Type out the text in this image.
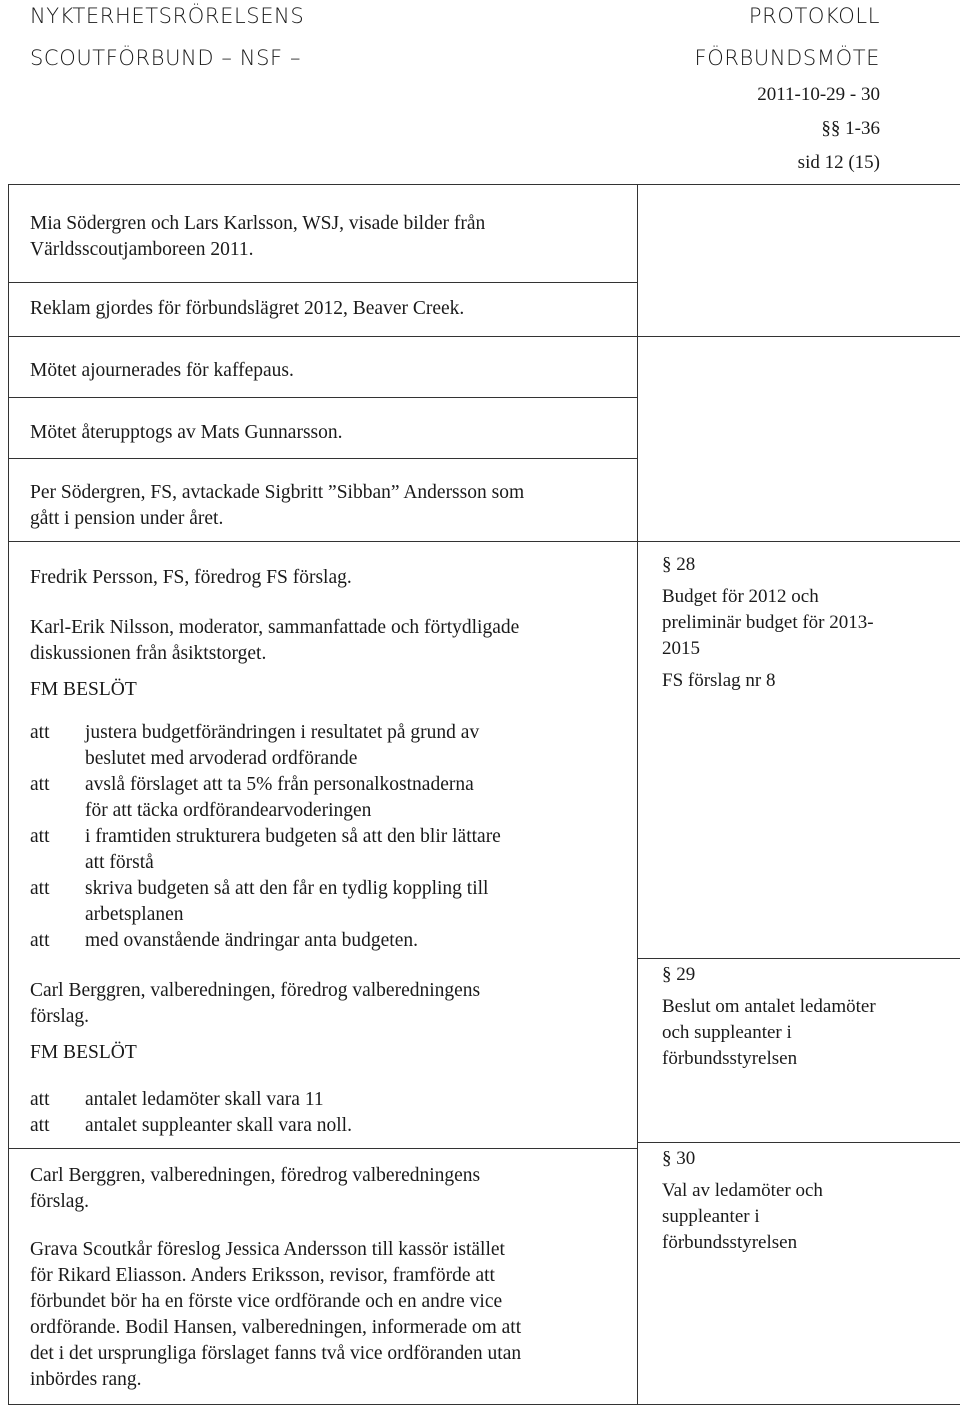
NYKTERHETSRÖRELSENS
SCOUTFÖRBUND – NSF –
PROTOKOLL
FÖRBUNDSMÖTE
2011-10-29 - 30
§§ 1-36
sid 12 (15)
Mia Södergren och Lars Karlsson, WSJ, visade bilder från
Världsscoutjamboreen 2011.
Reklam gjordes för förbundslägret 2012, Beaver Creek.
Mötet ajournerades för kaffepaus.
Mötet återupptogs av Mats Gunnarsson.
Per Södergren, FS, avtackade Sigbritt ”Sibban” Andersson som
gått i pension under året.
Fredrik Persson, FS, föredrog FS förslag.
Karl-Erik Nilsson, moderator, sammanfattade och förtydligade
diskussionen från åsiktstorget.
FM BESLÖT
att justera budgetförändringen i resultatet på grund av
beslutet med arvoderad ordförande
att avslå förslaget att ta 5% från personalkostnaderna
för att täcka ordförandearvoderingen
att i framtiden strukturera budgeten så att den blir lättare
att förstå
att skriva budgeten så att den får en tydlig koppling till
arbetsplanen
att med ovanstående ändringar anta budgeten.
Carl Berggren, valberedningen, föredrog valberedningens
förslag.
FM BESLÖT
att antalet ledamöter skall vara 11
att antalet suppleanter skall vara noll.
Carl Berggren, valberedningen, föredrog valberedningens
förslag.
Grava Scoutkår föreslog Jessica Andersson till kassör istället
för Rikard Eliasson. Anders Eriksson, revisor, framförde att
förbundet bör ha en förste vice ordförande och en andre vice
ordförande. Bodil Hansen, valberedningen, informerade om att
det i det ursprungliga förslaget fanns två vice ordföranden utan
inbördes rang.
§ 28
Budget för 2012 och
preliminär budget för 2013-
2015
FS förslag nr 8
§ 29
Beslut om antalet ledamöter
och suppleanter i
förbundsstyrelsen
§ 30
Val av ledamöter och
suppleanter i
förbundsstyrelsen
